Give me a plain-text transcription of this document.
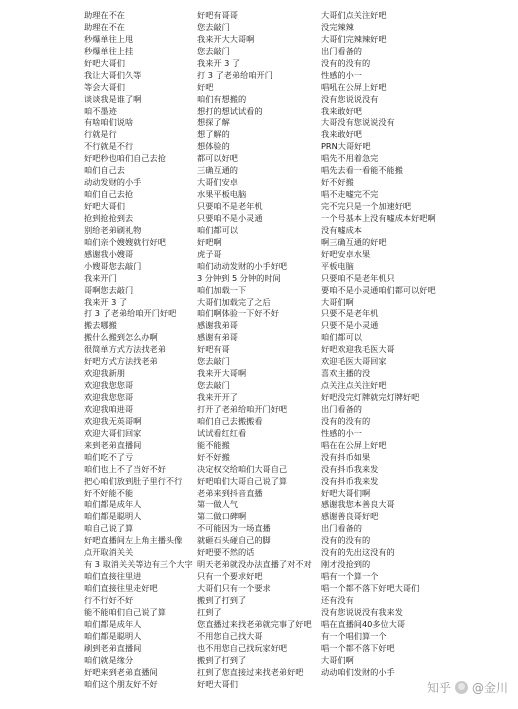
助理在不在
助理在不在
秒爆单往上甩
秒爆单往上挂
好吧大哥们
我让大哥们久等
等会大哥们
谈谈我是谁了啊
咱不墨迹
有啥咱们说啥
行就是行
不行就是不行
好吧秒也咱们自己去抢
咱们自己去
动动发财的小手
咱们自己去抢
好吧大哥们
抢到抢抢到去
别给老弟刷礼物
咱们亲个嫂嫂就行好吧
感谢我小嫂哥
小嫂哥您去敲门
我来开门
哥啊您去敲门
我来开 3 了
打 3 了老弟给咱开门好吧
搬去哪搬
搬什么搬到怎么办啊
很简单方式方法找老弟
好吧方式方法找老弟
欢迎我新朋
欢迎我您您哥
欢迎我您您哥
欢迎我咱进哥
欢迎我无英哥啊
欢迎大哥们回家
来到老弟直播间
咱们吃不了亏
咱们也上不了当好不好
把心咱们放到肚子里行不行
好不好能不能
咱们都是成年人
咱们都是聪明人
咱自己说了算
好吧直播间左上角主播头像
点开取消关关
有 3 取消关关等边有三个大字
咱们直接往里进
咱们直接往里走好吧
行不行好不好
能不能咱们自己说了算
咱们都是成年人
咱们都是聪明人
刷到老弟直播间
咱们就是缘分
好吧来到老弟直播间
咱们这个朋友好不好
好吧有哥哥
您去敲门
我来开大大哥啊
您去敲门
我来开 3 了
打 3 了老弟给咱开门
好吧
咱们有想搬的
想打的想试试看的
想探了解
想了解的
想体验的
都可以好吧
三确互通的
大哥们安卓
水果平板电脑
只要咱不是老年机
只要咱不是小灵通
咱们都可以
好吧啊
虎子哥
咱们动动发财的小手好吧
3 分钟到 5 分钟的时间
咱们加载一下
大哥们加载完了之后
咱们啊体验一下好不好
感谢我弟哥
感谢有弟哥
好吧有哥
您去敲门
我来开大哥啊
您去敲门
我来开开了
打开了老弟给咱开门好吧
咱们自己去搬搬看
试试看红红看
能不能搬
好不好搬
决定权交给咱们大哥自己
好吧咱们大哥自己说了算
老弟来到抖音直播
第一做人气
第二做口碑啊
不可能因为一场直播
就砸石头碰自己的脚
好吧要不然的话
明天老弟就没办法直播了对不对
只有一个要求好吧
大哥们只有一个要求
搬到了打到了
扛到了
您直播过来找老弟就完事了好吧
不用您自己找大哥
也不用您自己找玩家好吧
搬到了打到了
扛到了您直接过来找老弟好吧
好吧大哥们
大哥们点关注好吧
没完辣辣
大哥们完辣辣好吧
出门看备的
没有的没有的
性感的小一
唱吼在公屏上好吧
没有您说说没有
我来敢好吧
大哥没有您说说没有
我来敢好吧
PRN大哥好吧
唱先不用着急完
唱先去看一看能不能搬
好不好搬
唱不走嘘完不完
完不完只是一个加速好吧
一个号基本上没有嘘成本好吧啊
没有嘘成本
啊三确互通的好吧
好吧安卓水果
平板电脑
只要咱不是老年机只
要咱不是小灵通咱们都可以好吧
大哥们啊
只要不是老年机
只要不是小灵通
咱们都可以
好吧欢迎我毛医大哥
欢迎毛医大哥回家
喜欢主播的没
点关注点关注好吧
好吧没完灯牌就完灯牌好吧
出门看备的
没有的没有的
性感的小一
唱在在公屏上好吧
没有抖币如果
没有抖币我来发
没有抖币我来发
好吧大哥们啊
感谢我您本善良大哥
感谢善良哥好吧
出门看备的
没有的没有的
没有的先出这没有的
刚才没抢到的
唱有一个算一个
唱一个都不落下好吧大哥们
还有没有
没有您说说没有我来发
唱在直播间40多位大哥
有一个唱们算一个
唱一个都不落下好吧
大哥们啊
动动咱们发财的小手
知乎 @金川
